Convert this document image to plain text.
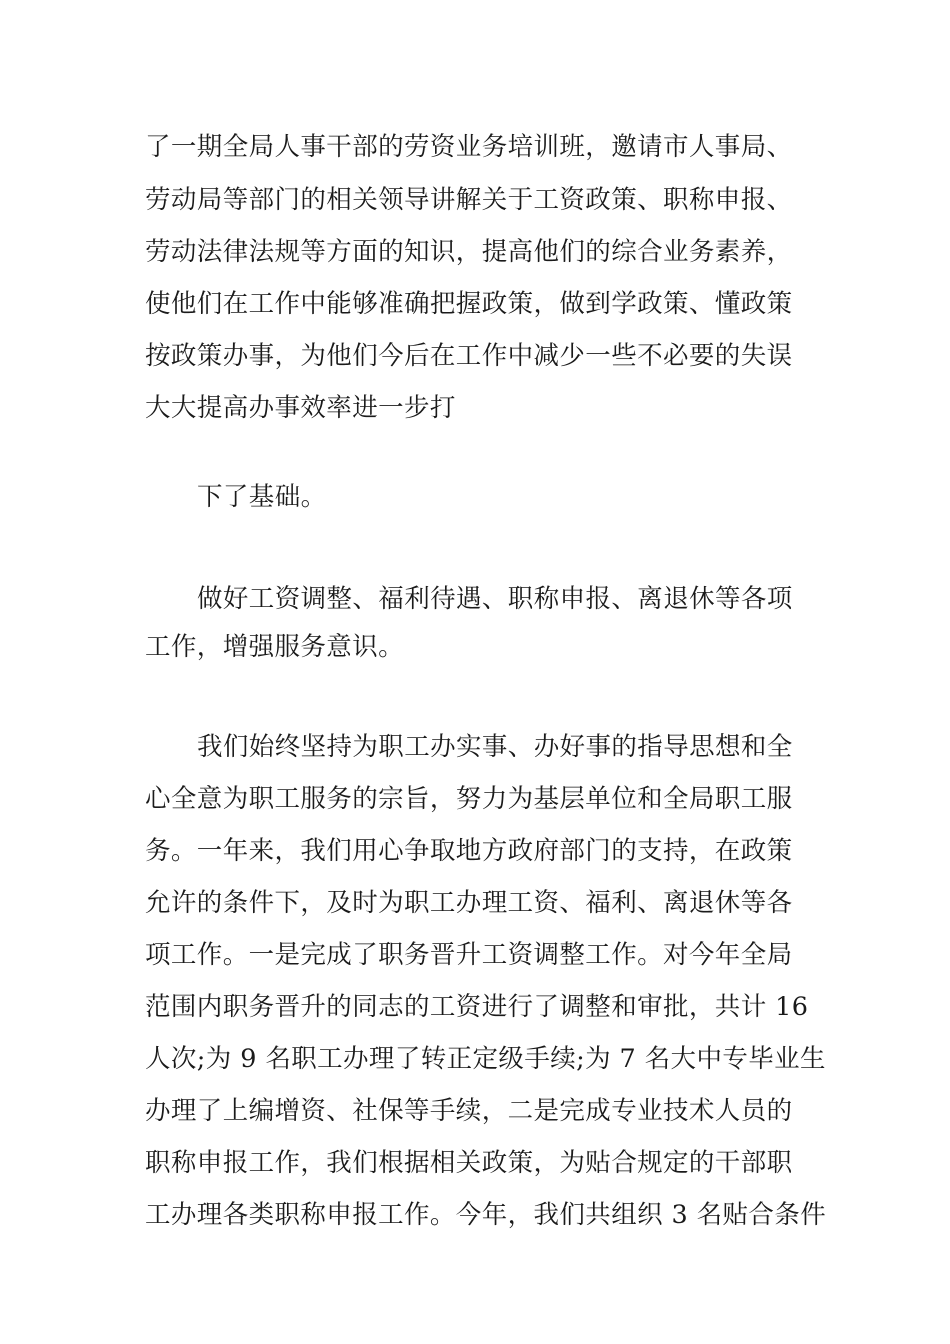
了一期全局人事干部的劳资业务培训班，邀请市人事局、
劳动局等部门的相关领导讲解关于工资政策、职称申报、
劳动法律法规等方面的知识，提高他们的综合业务素养，
使他们在工作中能够准确把握政策，做到学政策、懂政策
按政策办事，为他们今后在工作中减少一些不必要的失误
大大提高办事效率进一步打
下了基础。
做好工资调整、福利待遇、职称申报、离退休等各项
工作，增强服务意识。
我们始终坚持为职工办实事、办好事的指导思想和全
心全意为职工服务的宗旨，努力为基层单位和全局职工服
务。一年来，我们用心争取地方政府部门的支持，在政策
允许的条件下，及时为职工办理工资、福利、离退休等各
项工作。一是完成了职务晋升工资调整工作。对今年全局
范围内职务晋升的同志的工资进行了调整和审批，共计 16
人次;为 9 名职工办理了转正定级手续;为 7 名大中专毕业生
办理了上编增资、社保等手续，二是完成专业技术人员的
职称申报工作，我们根据相关政策，为贴合规定的干部职
工办理各类职称申报工作。今年，我们共组织 3 名贴合条件
